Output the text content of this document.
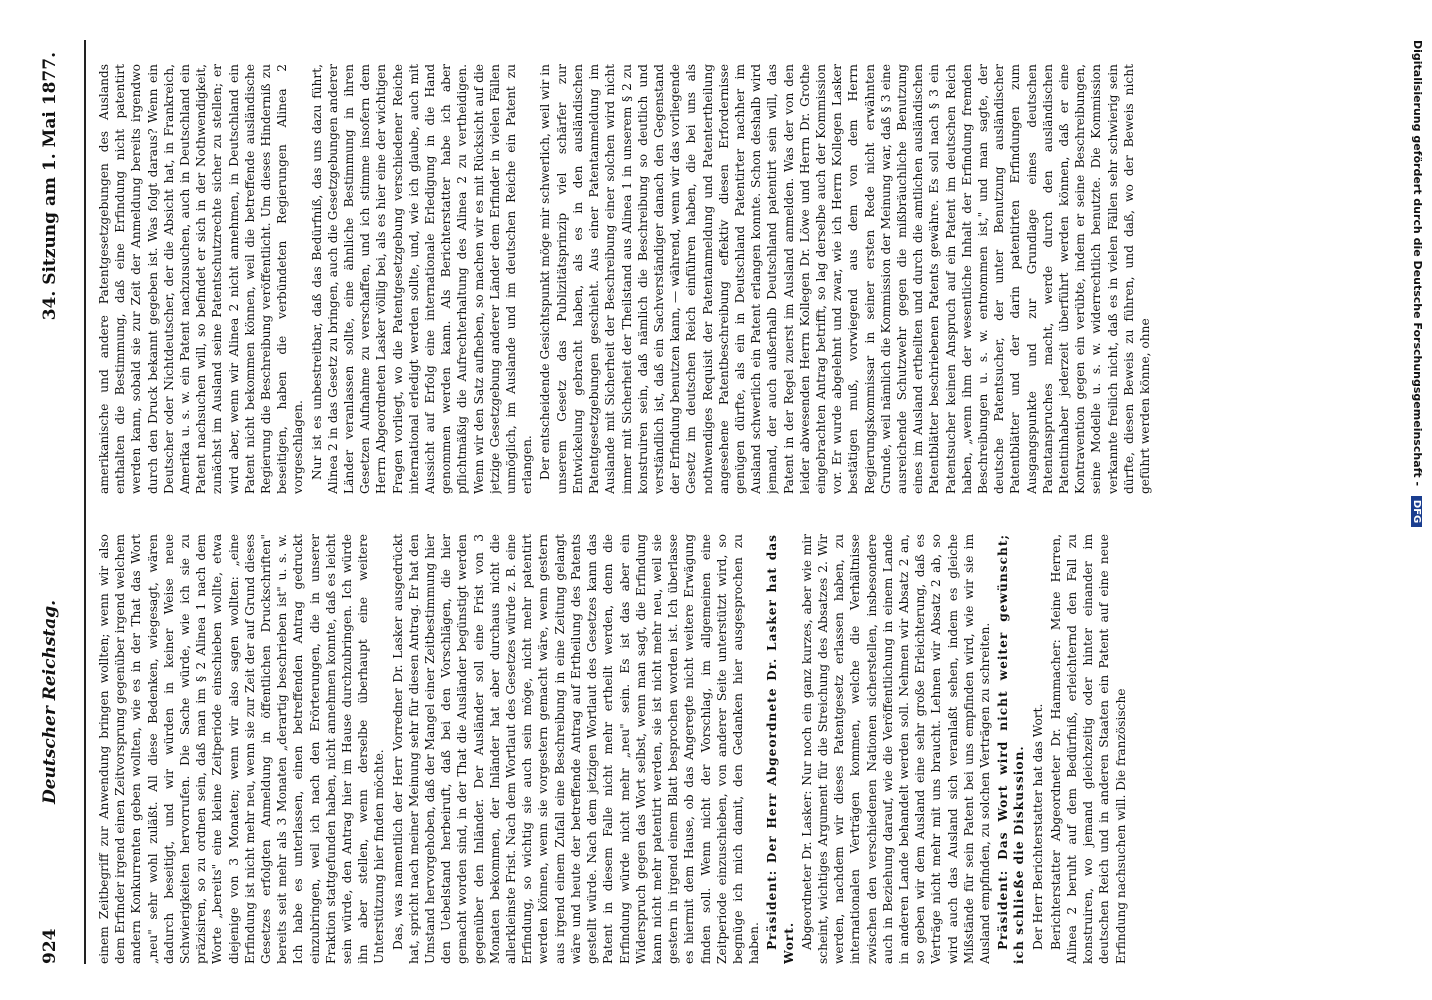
924
Deutscher Reichstag.
34. Sitzung am 1. Mai 1877.

einem Zeitbegriff zur Anwendung bringen wollten; wenn wir also dem Erfinder irgend einen Zeitvorsprung gegenüber irgend welchem andern Konkurrenten geben wollten, wie es in der That das Wort „neu" sehr wohl zuläßt. All diese Bedenken, wiegesagt, wären dadurch beseitigt, und wir würden in keiner Weise neue Schwierigkeiten hervorrufen. Die Sache würde, wie ich sie zu präzisiren, so zu ordnen sein, daß man im § 2 Alinea 1 nach dem Worte „bereits" eine kleine Zeitperiode einschieben wollte, etwa diejenige von 3 Monaten; wenn wir also sagen wollten: „eine Erfindung ist nicht mehr neu, wenn sie zur Zeit der auf Grund dieses Gesetzes erfolgten Anmeldung in öffentlichen Druckschriften" bereits seit mehr als 3 Monaten „derartig beschrieben ist" u. s. w. Ich habe es unterlassen, einen betreffenden Antrag gedruckt einzubringen, weil ich nach den Erörterungen, die in unserer Fraktion stattgefunden haben, nicht annehmen konnte, daß es leicht sein würde, den Antrag hier im Hause durchzubringen. Ich würde ihn aber stellen, wenn derselbe überhaupt eine weitere Unterstützung hier finden möchte. Das, was namentlich der Herr Vorredner Dr. Lasker ausgedrückt hat, spricht nach meiner Meinung sehr für diesen Antrag. Er hat den Umstand hervorgehoben, daß der Mangel einer Zeitbestimmung hier den Uebelstand herbeiruft, daß bei den Vorschlägen, die hier gemacht worden sind, in der That die Ausländer begünstigt werden gegenüber den Inländer. Der Ausländer soll eine Frist von 3 Monaten bekommen, der Inländer hat aber durchaus nicht die allerkleinste Frist. Nach dem Wortlaut des Gesetzes würde z. B. eine Erfindung, so wichtig sie auch sein möge, nicht mehr patentirt werden können, wenn sie vorgestern gemacht wäre, wenn gestern aus irgend einem Zufall eine Beschreibung in eine Zeitung gelangt wäre und heute der betreffende Antrag auf Ertheilung des Patents gestellt würde. Nach dem jetzigen Wortlaut des Gesetzes kann das Patent in diesem Falle nicht mehr ertheilt werden, denn die Erfindung würde nicht mehr „neu" sein. Es ist das aber ein Widerspruch gegen das Wort selbst, wenn man sagt, die Erfindung kann nicht mehr patentirt werden, sie ist nicht mehr neu, weil sie gestern in irgend einem Blatt besprochen worden ist. Ich überlasse es hiermit dem Hause, ob das Angeregte nicht weitere Erwägung finden soll. Wenn nicht der Vorschlag, im allgemeinen eine Zeitperiode einzuschieben, von anderer Seite unterstützt wird, so begnüge ich mich damit, den Gedanken hier ausgesprochen zu haben. Präsident: Der Herr Abgeordnete Dr. Lasker hat das Wort. Abgeordneter Dr. Lasker: Nur noch ein ganz kurzes, aber wie mir scheint, wichtiges Argument für die Streichung des Absatzes 2. Wir werden, nachdem wir dieses Patentgesetz erlassen haben, zu internationalen Verträgen kommen, welche die Verhältnisse zwischen den verschiedenen Nationen sicherstellen, insbesondere auch in Beziehung darauf, wie die Veröffentlichung in einem Lande in anderen Lande behandelt werden soll. Nehmen wir Absatz 2 an, so geben wir dem Ausland eine sehr große Erleichterung, daß es Verträge nicht mehr mit uns braucht. Lehnen wir Absatz 2 ab, so wird auch das Ausland sich veranlaßt sehen, indem es gleiche Mißstände für sein Patent bei uns empfinden wird, wie wir sie im Ausland empfinden, zu solchen Verträgen zu schreiten. Präsident: Das Wort wird nicht weiter gewünscht; ich schließe die Diskussion. Der Herr Berichterstatter hat das Wort. Berichterstatter Abgeordneter Dr. Hammacher: Meine Herren, Alinea 2 beruht auf dem Bedürfniß, erleichternd den Fall zu konstruiren, wo jemand gleichzeitig oder hinter einander im deutschen Reich und in anderen Staaten ein Patent auf eine neue Erfindung nachsuchen will. Die französische

amerikanische und andere Patentgesetzgebungen des Auslands enthalten die Bestimmung, daß eine Erfindung nicht patentirt werden kann, sobald sie zur Zeit der Anmeldung bereits irgendwo durch den Druck bekannt gegeben ist. Was folgt daraus? Wenn ein Deutscher oder Nichtdeutscher, der die Absicht hat, in Frankreich, Amerika u. s. w. ein Patent nachzusuchen, auch in Deutschland ein Patent nachsuchen will, so befindet er sich in der Nothwendigkeit, zunächst im Ausland seine Patentschutzrechte sicher zu stellen; er wird aber, wenn wir Alinea 2 nicht annehmen, in Deutschland ein Patent nicht bekommen können, weil die betreffende ausländische Regierung die Beschreibung veröffentlicht. Um dieses Hinderniß zu beseitigen, haben die verbündeten Regierungen Alinea 2 vorgeschlagen. Nur ist es unbestreitbar, daß das Bedürfniß, das uns dazu führt, Alinea 2 in das Gesetz zu bringen, auch die Gesetzgebungen anderer Länder veranlassen sollte, eine ähnliche Bestimmung in ihren Gesetzen Aufnahme zu verschaffen, und ich stimme insofern dem Herrn Abgeordneten Lasker völlig bei, als es hier eine der wichtigen Fragen vorliegt, wo die Patentgesetzgebung verschiedener Reiche international erledigt werden sollte, und, wie ich glaube, auch mit Aussicht auf Erfolg eine internationale Erledigung in die Hand genommen werden kann. Als Berichterstatter habe ich aber pflichtmäßig die Aufrechterhaltung des Alinea 2 zu vertheidigen. Wenn wir den Satz aufheben, so machen wir es mit Rücksicht auf die jetzige Gesetzgebung anderer Länder dem Erfinder in vielen Fällen unmöglich, im Auslande und im deutschen Reiche ein Patent zu erlangen. Der entscheidende Gesichtspunkt möge mir schwerlich, weil wir in unserem Gesetz das Publizitätsprinzip viel schärfer zur Entwickelung gebracht haben, als es in den ausländischen Patentgesetzgebungen geschieht. Aus einer Patentanmeldung im Auslande mit Sicherheit der Beschreibung einer solchen wird nicht immer mit Sicherheit der Theilstand aus Alinea 1 in unserem § 2 zu konstruiren sein, daß nämlich die Beschreibung so deutlich und verständlich ist, daß ein Sachverständiger danach den Gegenstand der Erfindung benutzen kann, — während, wenn wir das vorliegende Gesetz im deutschen Reich einführen haben, die bei uns als nothwendiges Requisit der Patentanmeldung und Patentertheilung angesehene Patentbeschreibung effektiv diesen Erfordernisse genügen dürfte, als ein in Deutschland Patentirter nachher im Ausland schwerlich ein Patent erlangen konnte. Schon deshalb wird jemand, der auch außerhalb Deutschland patentirt sein will, das Patent in der Regel zuerst im Ausland anmelden. Was der von den leider abwesenden Herrn Kollegen Dr. Löwe und Herrn Dr. Grothe eingebrachten Antrag betrifft, so lag derselbe auch der Kommission vor. Er wurde abgelehnt und zwar, wie ich Herrn Kollegen Lasker bestätigen muß, vorwiegend aus dem von dem Herrn Regierungskommissar in seiner ersten Rede nicht erwähnten Grunde, weil nämlich die Kommission der Meinung war, daß § 3 eine ausreichende Schutzwehr gegen die mißbräuchliche Benutzung eines im Ausland ertheilten und durch die amtlichen ausländischen Patentblätter beschriebenen Patents gewähre. Es soll nach § 3 ein Patentsucher keinen Anspruch auf ein Patent im deutschen Reich haben, „wenn ihm der wesentliche Inhalt der Erfindung fremden Beschreibungen u. s. w. entnommen ist," und man sagte, der deutsche Patentsucher, der unter Benutzung ausländischer Patentblätter und der darin patentirten Erfindungen zum Ausgangspunkte und zur Grundlage eines deutschen Patentanspruches macht, werde durch den ausländischen Patentinhaber jederzeit überführt werden können, daß er eine Kontravention gegen ein verübte, indem er seine Beschreibungen, seine Modelle u. s. w. widerrechtlich benutzte. Die Kommission verkannte freilich nicht, daß es in vielen Fällen sehr schwierig sein dürfte, diesen Beweis zu führen, und daß, wo der Beweis nicht geführt werden könne, ohne	Digitalisierung gefördert durch die Deutsche Forschungsgemeinschaft - DFG
